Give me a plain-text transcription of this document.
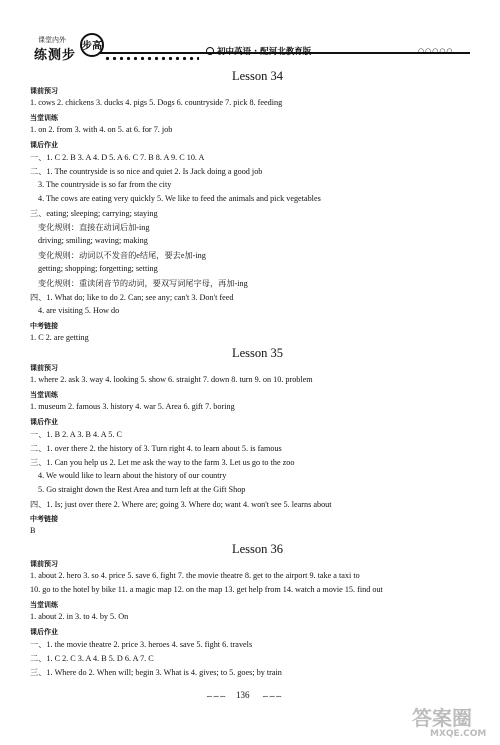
课堂内外
练测步
步高	初中英语 · 配河北教育版	○○○○○
Lesson 34
课前预习
1. cows 2. chickens 3. ducks 4. pigs 5. Dogs 6. countryside 7. pick 8. feeding
当堂训练
1. on 2. from 3. with 4. on 5. at 6. for 7. job
课后作业
一、1. C 2. B 3. A 4. D 5. A 6. C 7. B 8. A 9. C 10. A
二、1. The countryside is so nice and quiet 2. Is Jack doing a good job
3. The countryside is so far from the city
4. The cows are eating very quickly 5. We like to feed the animals and pick vegetables
三、eating; sleeping; carrying; staying
变化规则：直接在动词后加-ing
driving; smiling; waving; making
变化规则：动词以不发音的e结尾，要去e加-ing
getting; shopping; forgetting; setting
变化规则：重读闭音节的动词，要双写词尾字母，再加-ing
四、1. What do; like to do 2. Can; see any; can't 3. Don't feed
4. are visiting 5. How do
中考链接
1. C 2. are getting
Lesson 35
课前预习
1. where 2. ask 3. way 4. looking 5. show 6. straight 7. down 8. turn 9. on 10. problem
当堂训练
1. museum 2. famous 3. history 4. war 5. Area 6. gift 7. boring
课后作业
一、1. B 2. A 3. B 4. A 5. C
二、1. over there 2. the history of 3. Turn right 4. to learn about 5. is famous
三、1. Can you help us 2. Let me ask the way to the farm 3. Let us go to the zoo
4. We would like to learn about the history of our country
5. Go straight down the Rest Area and turn left at the Gift Shop
四、1. Is; just over there 2. Where are; going 3. Where do; want 4. won't see 5. learns about
中考链接
B
Lesson 36
课前预习
1. about 2. hero 3. so 4. price 5. save 6. fight 7. the movie theatre 8. get to the airport 9. take a taxi to
10. go to the hotel by bike 11. a magic map 12. on the map 13. get help from 14. watch a movie 15. find out
当堂训练
1. about 2. in 3. to 4. by 5. On
课后作业
一、1. the movie theatre 2. price 3. heroes 4. save 5. fight 6. travels
二、1. C 2. C 3. A 4. B 5. D 6. A 7. C
三、1. Where do 2. When will; begin 3. What is 4. gives; to 5. goes; by train
∽∽∽ 136 ∽∽∽
答案圈
MXQE.COM
